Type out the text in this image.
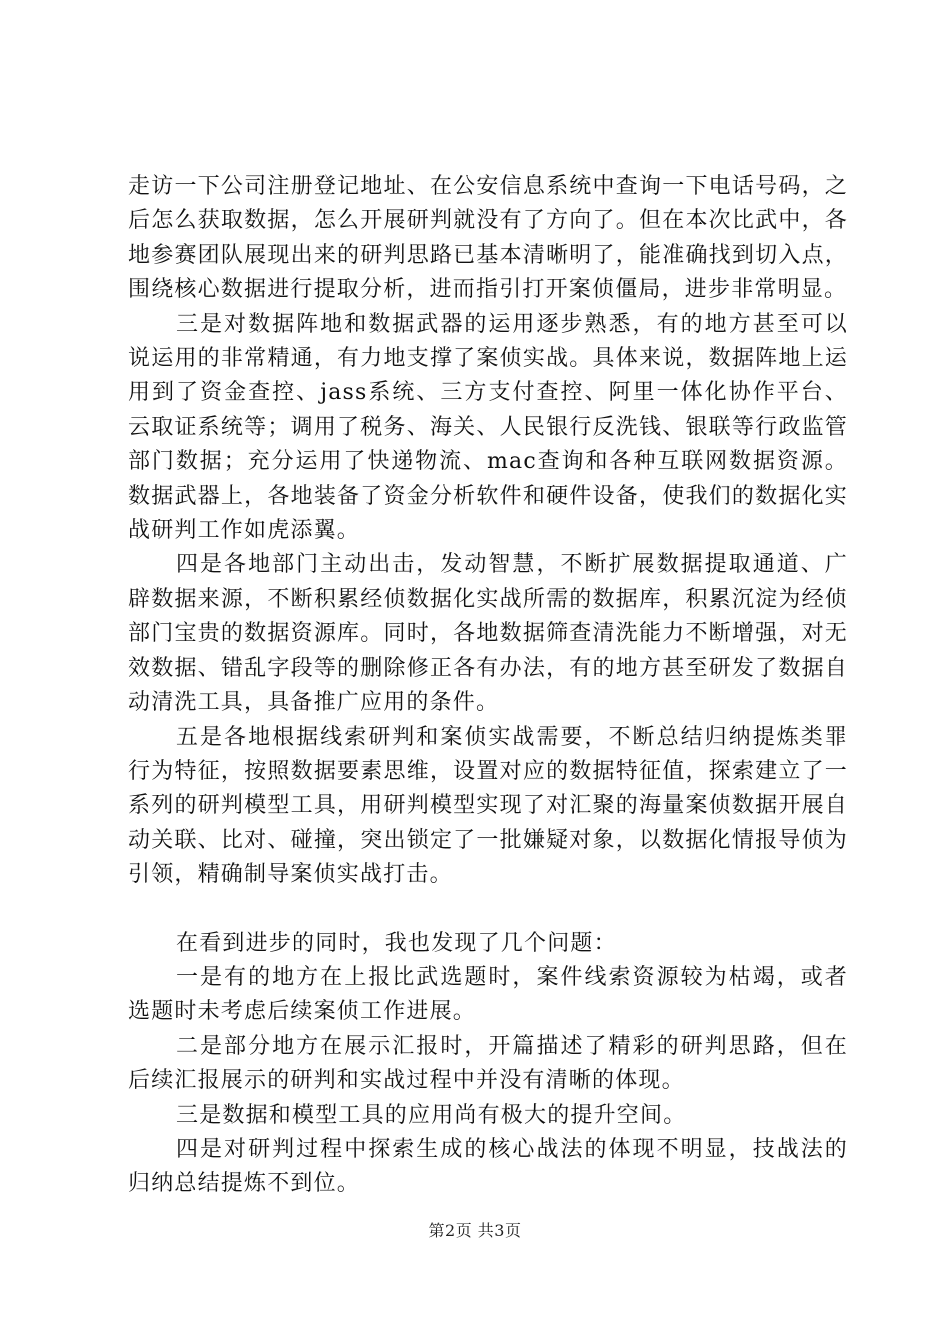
走访一下公司注册登记地址、在公安信息系统中查询一下电话号码，之后怎么获取数据，怎么开展研判就没有了方向了。但在本次比武中，各地参赛团队展现出来的研判思路已基本清晰明了，能准确找到切入点，围绕核心数据进行提取分析，进而指引打开案侦僵局，进步非常明显。

三是对数据阵地和数据武器的运用逐步熟悉，有的地方甚至可以说运用的非常精通，有力地支撑了案侦实战。具体来说，数据阵地上运用到了资金查控、jass系统、三方支付查控、阿里一体化协作平台、云取证系统等；调用了税务、海关、人民银行反洗钱、银联等行政监管部门数据；充分运用了快递物流、mac查询和各种互联网数据资源。数据武器上，各地装备了资金分析软件和硬件设备，使我们的数据化实战研判工作如虎添翼。

四是各地部门主动出击，发动智慧，不断扩展数据提取通道、广辟数据来源，不断积累经侦数据化实战所需的数据库，积累沉淀为经侦部门宝贵的数据资源库。同时，各地数据筛查清洗能力不断增强，对无效数据、错乱字段等的删除修正各有办法，有的地方甚至研发了数据自动清洗工具，具备推广应用的条件。

五是各地根据线索研判和案侦实战需要，不断总结归纳提炼类罪行为特征，按照数据要素思维，设置对应的数据特征值，探索建立了一系列的研判模型工具，用研判模型实现了对汇聚的海量案侦数据开展自动关联、比对、碰撞，突出锁定了一批嫌疑对象，以数据化情报导侦为引领，精确制导案侦实战打击。

在看到进步的同时，我也发现了几个问题：

一是有的地方在上报比武选题时，案件线索资源较为枯竭，或者选题时未考虑后续案侦工作进展。

二是部分地方在展示汇报时，开篇描述了精彩的研判思路，但在后续汇报展示的研判和实战过程中并没有清晰的体现。

三是数据和模型工具的应用尚有极大的提升空间。

四是对研判过程中探索生成的核心战法的体现不明显，技战法的归纳总结提炼不到位。

第2页 共3页
